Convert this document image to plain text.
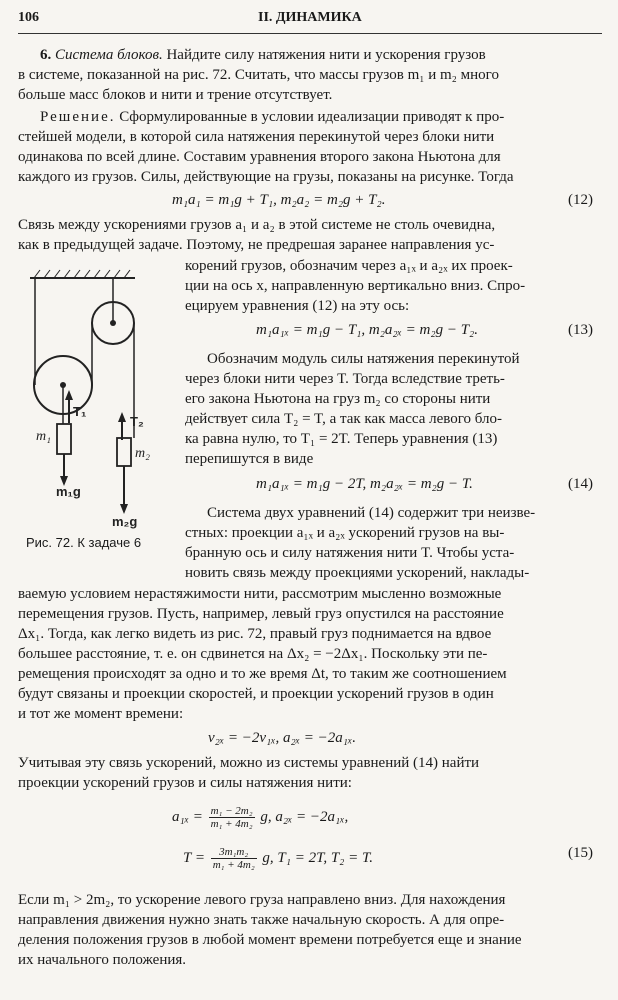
106	II. ДИНАМИКА
6. Система блоков. Найдите силу натяжения нити и ускорения грузов
в системе, показанной на рис. 72. Считать, что массы грузов m₁ и m₂ много
больше масс блоков и нити и трение отсутствует.
Решение. Сформулированные в условии идеализации приводят к про-
стейшей модели, в которой сила натяжения перекинутой через блоки нити
одинакова по всей длине. Составим уравнения второго закона Ньютона для
каждого из грузов. Силы, действующие на грузы, показаны на рисунке. Тогда
m₁a₁ = m₁g + T₁, m₂a₂ = m₂g + T₂.	(12)
Связь между ускорениями грузов a₁ и a₂ в этой системе не столь очевидна,
как в предыдущей задаче. Поэтому, не предрешая заранее направления ус-
T₁
m₁
m₁g
T₂
m₂
m₂g
Рис. 72. К задаче 6
корений грузов, обозначим через a₁ₓ и a₂ₓ их проек-
ции на ось x, направленную вертикально вниз. Спро-
ецируем уравнения (12) на эту ось:
m₁a₁ₓ = m₁g − T₁, m₂a₂ₓ = m₂g − T₂.	(13)
Обозначим модуль силы натяжения перекинутой
через блоки нити через T. Тогда вследствие треть-
его закона Ньютона на груз m₂ со стороны нити
действует сила T₂ = T, а так как масса левого бло-
ка равна нулю, то T₁ = 2T. Теперь уравнения (13)
перепишутся в виде
m₁a₁ₓ = m₁g − 2T, m₂a₂ₓ = m₂g − T.	(14)
Система двух уравнений (14) содержит три неизве-
стных: проекции a₁ₓ и a₂ₓ ускорений грузов на вы-
бранную ось и силу натяжения нити T. Чтобы уста-
новить связь между проекциями ускорений, наклады-
ваемую условием нерастяжимости нити, рассмотрим мысленно возможные
перемещения грузов. Пусть, например, левый груз опустился на расстояние
Δx₁. Тогда, как легко видеть из рис. 72, правый груз поднимается на вдвое
большее расстояние, т. е. он сдвинется на Δx₂ = −2Δx₁. Поскольку эти пе-
ремещения происходят за одно и то же время Δt, то таким же соотношением
будут связаны и проекции скоростей, и проекции ускорений грузов в один
и тот же момент времени:
v₂ₓ = −2v₁ₓ, a₂ₓ = −2a₁ₓ.
Учитывая эту связь ускорений, можно из системы уравнений (14) найти
проекции ускорений грузов и силы натяжения нити:
$a_{1x} = \frac{\text{m₁ − 2m₂}}{\text{m₁ + 4m₂}} g$, a₂ₓ = −2a₁ₓ,
$T = \frac{\text{3m₁m₂}}{\text{m₁ + 4m₂}} g$, T₁ = 2T, T₂ = T.	(15)
Если m₁ > 2m₂, то ускорение левого груза направлено вниз. Для нахождения
направления движения нужно знать также начальную скорость. А для опре-
деления положения грузов в любой момент времени потребуется еще и знание
их начального положения.
